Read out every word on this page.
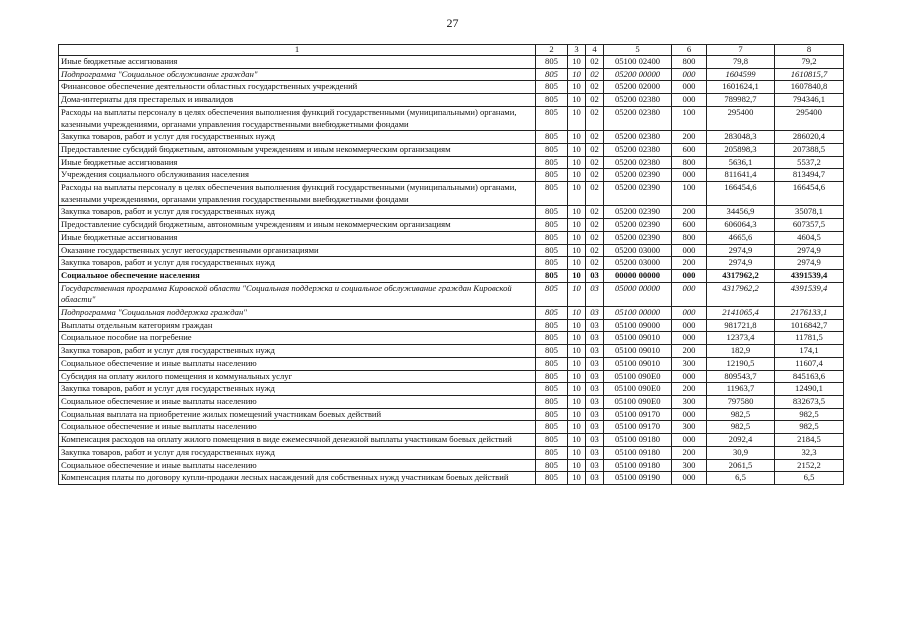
27
1	2	3	4	5	6	7	8
Иные бюджетные ассигнования	805	10	02	05100 02400	800	79,8	79,2
Подпрограмма "Социальное обслуживание граждан"	805	10	02	05200 00000	000	1604599	1610815,7
Финансовое обеспечение деятельности областных государственных учреждений	805	10	02	05200 02000	000	1601624,1	1607840,8
Дома-интернаты для престарелых и инвалидов	805	10	02	05200 02380	000	789982,7	794346,1
Расходы на выплаты персоналу в целях обеспечения выполнения функций государственными (муниципальными) органами, казенными учреждениями, органами управления государственными внебюджетными фондами	805	10	02	05200 02380	100	295400	295400
Закупка товаров, работ и услуг для государственных нужд	805	10	02	05200 02380	200	283048,3	286020,4
Предоставление субсидий бюджетным, автономным учреждениям и иным некоммерческим организациям	805	10	02	05200 02380	600	205898,3	207388,5
Иные бюджетные ассигнования	805	10	02	05200 02380	800	5636,1	5537,2
Учреждения социального обслуживания населения	805	10	02	05200 02390	000	811641,4	813494,7
Расходы на выплаты персоналу в целях обеспечения выполнения функций государственными (муниципальными) органами, казенными учреждениями, органами управления государственными внебюджетными фондами	805	10	02	05200 02390	100	166454,6	166454,6
Закупка товаров, работ и услуг для государственных нужд	805	10	02	05200 02390	200	34456,9	35078,1
Предоставление субсидий бюджетным, автономным учреждениям и иным некоммерческим организациям	805	10	02	05200 02390	600	606064,3	607357,5
Иные бюджетные ассигнования	805	10	02	05200 02390	800	4665,6	4604,5
Оказание государственных услуг негосударственными организациями	805	10	02	05200 03000	000	2974,9	2974,9
Закупка товаров, работ и услуг для государственных нужд	805	10	02	05200 03000	200	2974,9	2974,9
Социальное обеспечение населения	805	10	03	00000 00000	000	4317962,2	4391539,4
Государственная программа Кировской области "Социальная поддержка и социальное обслуживание граждан Кировской области"	805	10	03	05000 00000	000	4317962,2	4391539,4
Подпрограмма "Социальная поддержка граждан"	805	10	03	05100 00000	000	2141065,4	2176133,1
Выплаты отдельным категориям граждан	805	10	03	05100 09000	000	981721,8	1016842,7
Социальное пособие на погребение	805	10	03	05100 09010	000	12373,4	11781,5
Закупка товаров, работ и услуг для государственных нужд	805	10	03	05100 09010	200	182,9	174,1
Социальное обеспечение и иные выплаты населению	805	10	03	05100 09010	300	12190,5	11607,4
Субсидия на оплату жилого помещения и коммунальных услуг	805	10	03	05100 090Е0	000	809543,7	845163,6
Закупка товаров, работ и услуг для государственных нужд	805	10	03	05100 090Е0	200	11963,7	12490,1
Социальное обеспечение и иные выплаты населению	805	10	03	05100 090Е0	300	797580	832673,5
Социальная выплата на приобретение жилых помещений участникам боевых действий	805	10	03	05100 09170	000	982,5	982,5
Социальное обеспечение и иные выплаты населению	805	10	03	05100 09170	300	982,5	982,5
Компенсация расходов на оплату жилого помещения в виде ежемесячной денежной выплаты участникам боевых действий	805	10	03	05100 09180	000	2092,4	2184,5
Закупка товаров, работ и услуг для государственных нужд	805	10	03	05100 09180	200	30,9	32,3
Социальное обеспечение и иные выплаты населению	805	10	03	05100 09180	300	2061,5	2152,2
Компенсация платы по договору купли-продажи лесных насаждений для собственных нужд участникам боевых действий	805	10	03	05100 09190	000	6,5	6,5
